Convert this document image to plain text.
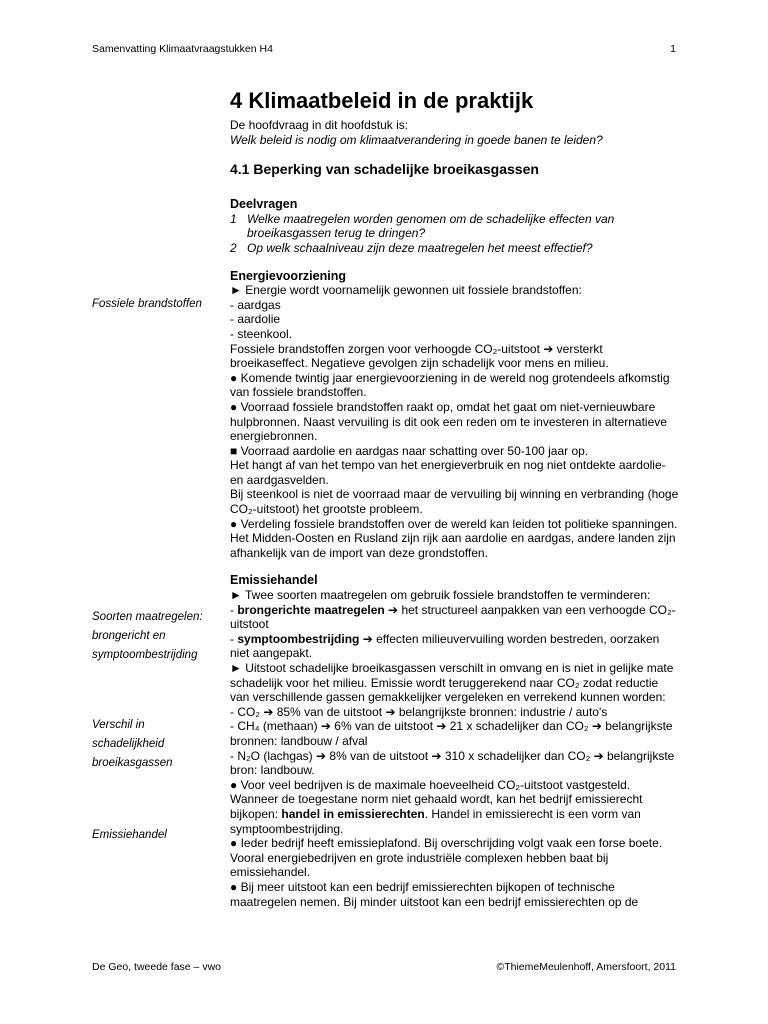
Samenvatting Klimaatvraagstukken H4	1
Fossiele brandstoffen
Soorten maatregelen:
brongericht en
symptoombestrijding
Verschil in
schadelijkheid
broeikasgassen
Emissiehandel
4 Klimaatbeleid in de praktijk

De hoofdvraag in dit hoofdstuk is:

Welk beleid is nodig om klimaatverandering in goede banen te leiden?

4.1 Beperking van schadelijke broeikasgassen
Deelvragen
1 Welke maatregelen worden genomen om de schadelijke effecten van broeikasgassen terug te dringen?
2 Op welk schaalniveau zijn deze maatregelen het meest effectief?
Energievoorziening

► Energie wordt voornamelijk gewonnen uit fossiele brandstoffen:

- aardgas

- aardolie

- steenkool.

Fossiele brandstoffen zorgen voor verhoogde CO₂-uitstoot ➔ versterkt broeikaseffect. Negatieve gevolgen zijn schadelijk voor mens en milieu.

● Komende twintig jaar energievoorziening in de wereld nog grotendeels afkomstig van fossiele brandstoffen.

● Voorraad fossiele brandstoffen raakt op, omdat het gaat om niet-vernieuwbare hulpbronnen. Naast vervuiling is dit ook een reden om te investeren in alternatieve energiebronnen.

■ Voorraad aardolie en aardgas naar schatting over 50-100 jaar op.

Het hangt af van het tempo van het energieverbruik en nog niet ontdekte aardolie- en aardgasvelden.

Bij steenkool is niet de voorraad maar de vervuiling bij winning en verbranding (hoge CO₂-uitstoot) het grootste probleem.

● Verdeling fossiele brandstoffen over de wereld kan leiden tot politieke spanningen. Het Midden-Oosten en Rusland zijn rijk aan aardolie en aardgas, andere landen zijn afhankelijk van de import van deze grondstoffen.

Emissiehandel

► Twee soorten maatregelen om gebruik fossiele brandstoffen te verminderen:

- brongerichte maatregelen ➔ het structureel aanpakken van een verhoogde CO₂-uitstoot

- symptoombestrijding ➔ effecten milieuvervuiling worden bestreden, oorzaken niet aangepakt.

► Uitstoot schadelijke broeikasgassen verschilt in omvang en is niet in gelijke mate schadelijk voor het milieu. Emissie wordt teruggerekend naar CO₂ zodat reductie van verschillende gassen gemakkelijker vergeleken en verrekend kunnen worden:

- CO₂ ➔ 85% van de uitstoot ➔ belangrijkste bronnen: industrie / auto's

- CH₄ (methaan) ➔ 6% van de uitstoot ➔ 21 x schadelijker dan CO₂ ➔ belangrijkste bronnen: landbouw / afval

- N₂O (lachgas) ➔ 8% van de uitstoot ➔ 310 x schadelijker dan CO₂ ➔ belangrijkste bron: landbouw.

● Voor veel bedrijven is de maximale hoeveelheid CO₂-uitstoot vastgesteld. Wanneer de toegestane norm niet gehaald wordt, kan het bedrijf emissierecht bijkopen: handel in emissierechten. Handel in emissierecht is een vorm van symptoombestrijding.

● Ieder bedrijf heeft emissieplafond. Bij overschrijding volgt vaak een forse boete. Vooral energiebedrijven en grote industriële complexen hebben baat bij emissiehandel.

● Bij meer uitstoot kan een bedrijf emissierechten bijkopen of technische maatregelen nemen. Bij minder uitstoot kan een bedrijf emissierechten op de

De Geo, tweede fase – vwo	©ThiemeMeulenhoff, Amersfoort, 2011
